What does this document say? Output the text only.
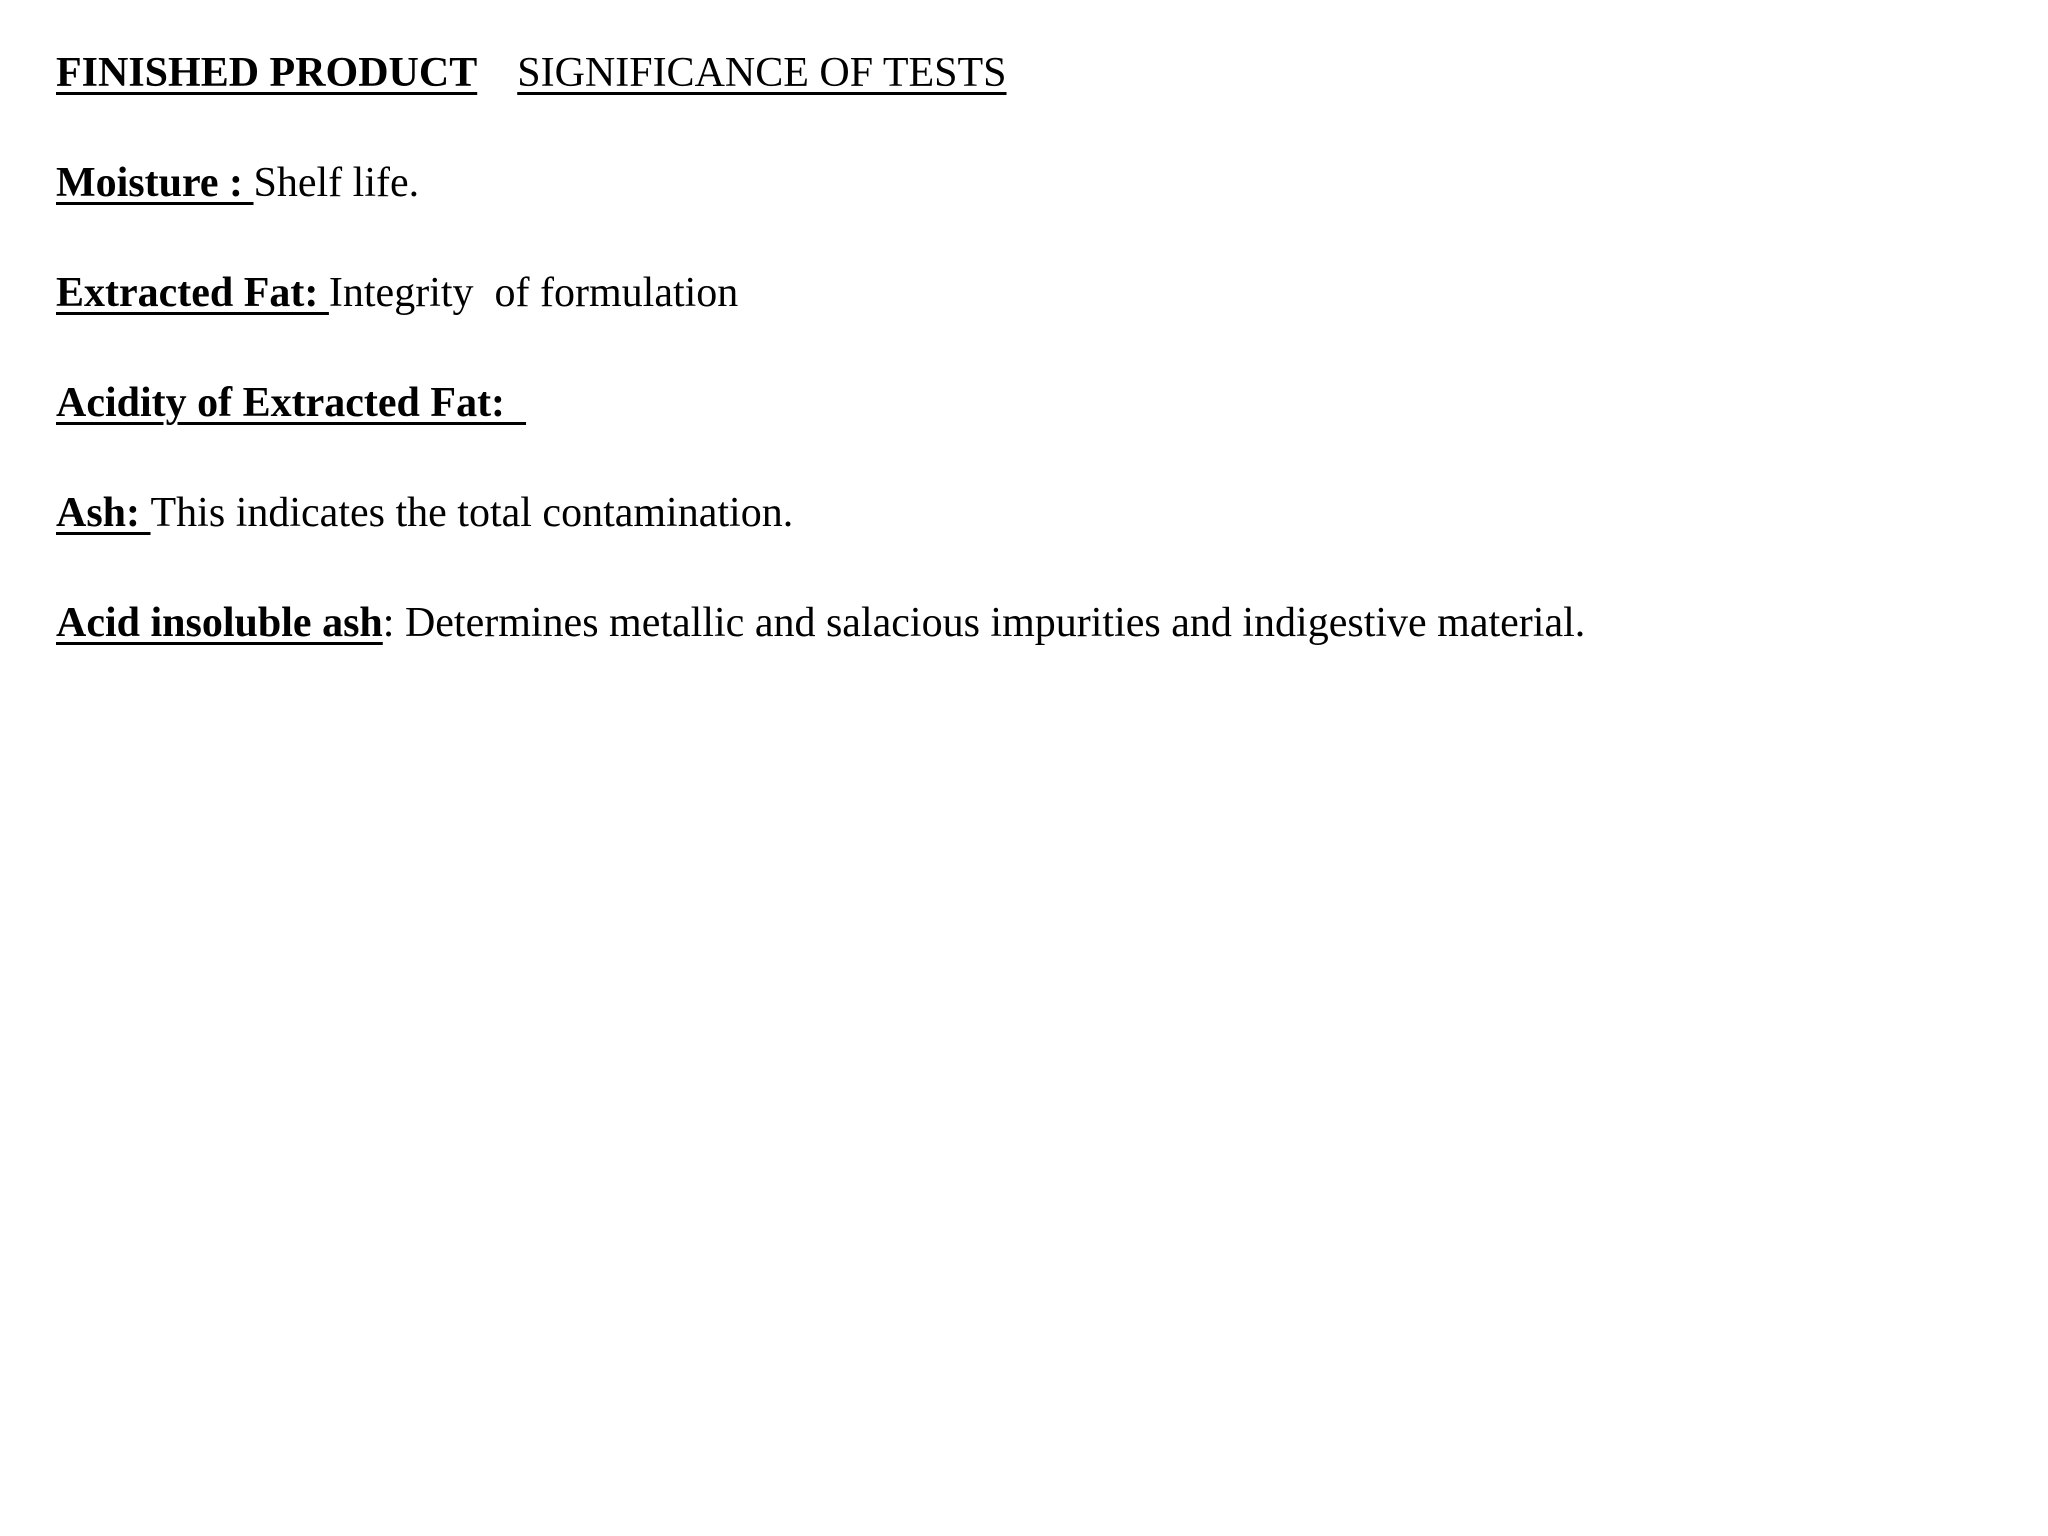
FINISHED PRODUCT SIGNIFICANCE OF TESTS
Moisture : Shelf life.
Extracted Fat: Integrity  of formulation
Acidity of Extracted Fat:
Ash: This indicates the total contamination.
Acid insoluble ash: Determines metallic and salacious impurities and indigestive material.
